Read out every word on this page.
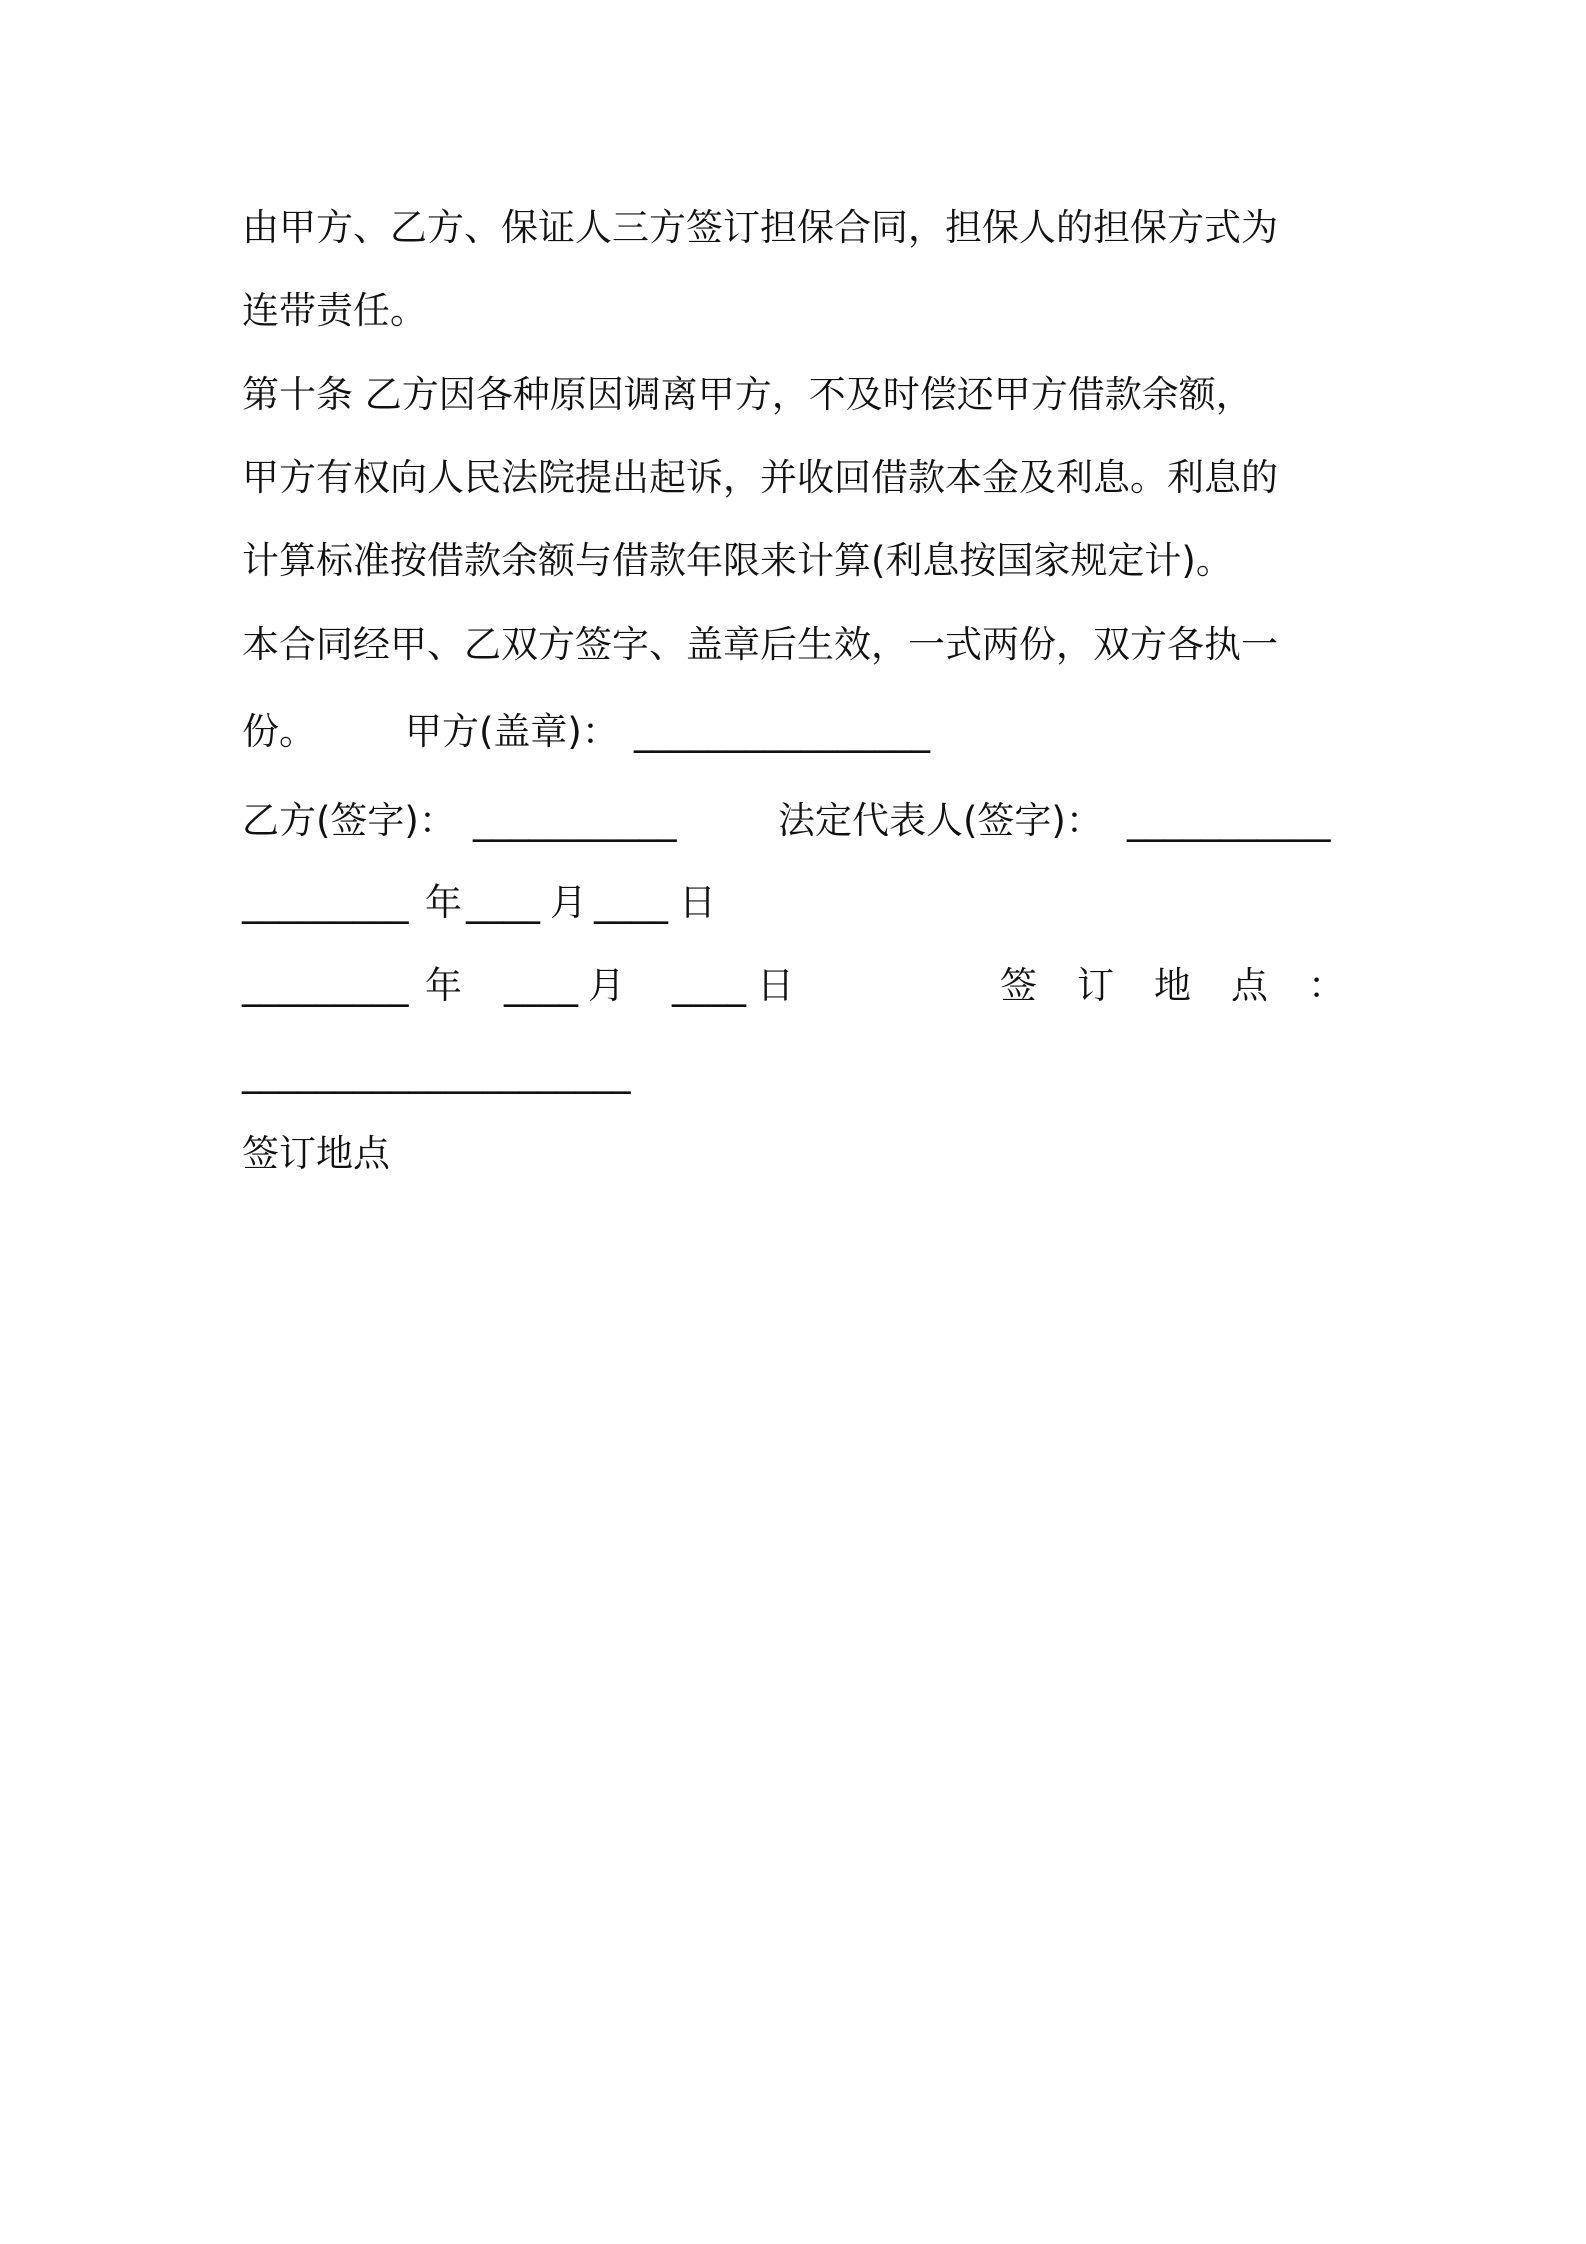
由甲方、乙方、保证人三方签订担保合同，担保人的担保方式为
连带责任。
第十条 乙方因各种原因调离甲方，不及时偿还甲方借款余额，
甲方有权向人民法院提出起诉，并收回借款本金及利息。利息的
计算标准按借款余额与借款年限来计算(利息按国家规定计)。
本合同经甲、乙双方签字、盖章后生效，一式两份，双方各执一
份。 甲方(盖章)： ________________
乙方(签字)： ___________	法定代表人(签字)： ___________
_________ 年 ____ 月 ____ 日
_________ 年 ____ 月 ____ 日	签订地点：
_____________________
签订地点
